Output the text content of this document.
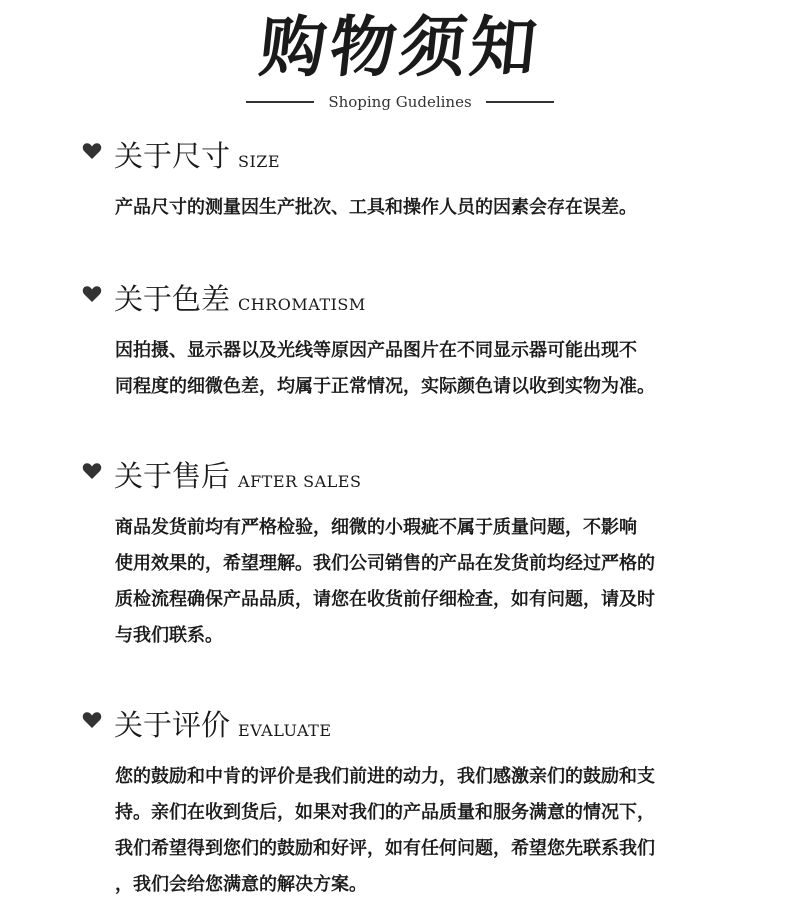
购物须知
Shoping Gudelines
关于尺寸 SIZE
产品尺寸的测量因生产批次、工具和操作人员的因素会存在误差。
关于色差 CHROMATISM
因拍摄、显示器以及光线等原因产品图片在不同显示器可能出现不
同程度的细微色差，均属于正常情况，实际颜色请以收到实物为准。
关于售后 AFTER SALES
商品发货前均有严格检验，细微的小瑕疵不属于质量问题，不影响
使用效果的，希望理解。我们公司销售的产品在发货前均经过严格的
质检流程确保产品品质，请您在收货前仔细检查，如有问题，请及时
与我们联系。
关于评价 EVALUATE
您的鼓励和中肯的评价是我们前进的动力，我们感激亲们的鼓励和支
持。亲们在收到货后，如果对我们的产品质量和服务满意的情况下，
我们希望得到您们的鼓励和好评，如有任何问题，希望您先联系我们
，我们会给您满意的解决方案。
